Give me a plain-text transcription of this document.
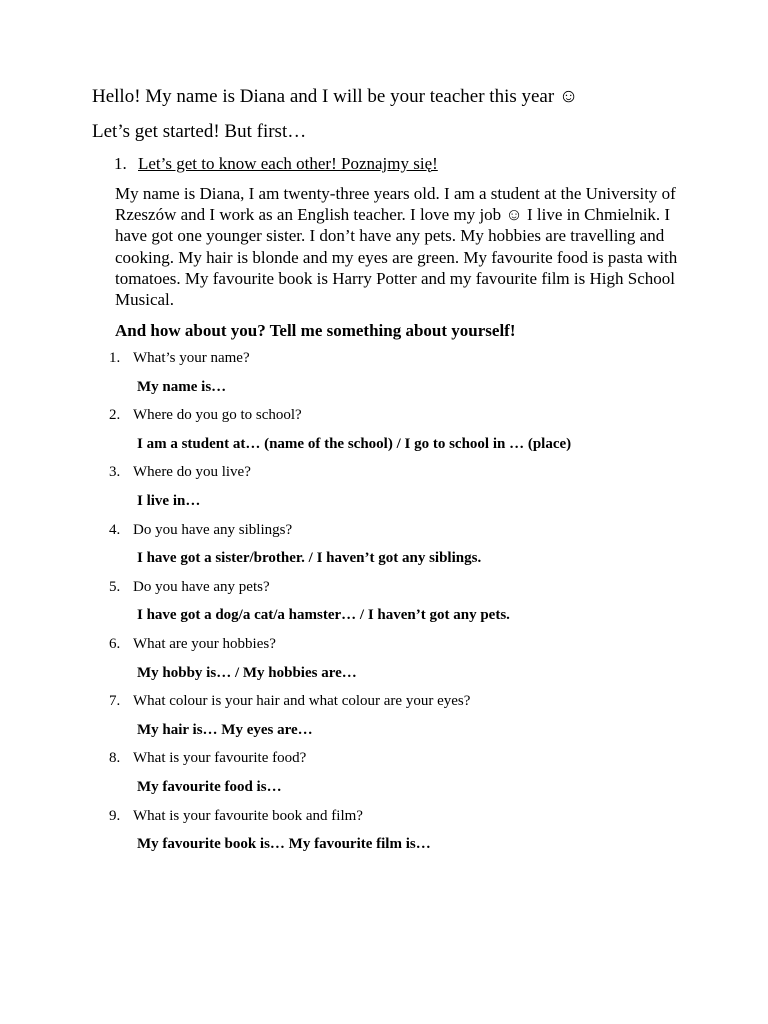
Hello! My name is Diana and I will be your teacher this year ☺
Let’s get started! But first…
1. Let’s get to know each other! Poznajmy się!
My name is Diana, I am twenty-three years old. I am a student at the University of Rzeszów and I work as an English teacher. I love my job ☺ I live in Chmielnik. I have got one younger sister. I don’t have any pets. My hobbies are travelling and cooking. My hair is blonde and my eyes are green. My favourite food is pasta with tomatoes. My favourite book is Harry Potter and my favourite film is High School Musical.
And how about you? Tell me something about yourself!
1. What’s your name?
My name is…
2. Where do you go to school?
I am a student at… (name of the school) / I go to school in … (place)
3. Where do you live?
I live in…
4. Do you have any siblings?
I have got a sister/brother. / I haven’t got any siblings.
5. Do you have any pets?
I have got a dog/a cat/a hamster… / I haven’t got any pets.
6. What are your hobbies?
My hobby is… / My hobbies are…
7. What colour is your hair and what colour are your eyes?
My hair is… My eyes are…
8. What is your favourite food?
My favourite food is…
9. What is your favourite book and film?
My favourite book is… My favourite film is…
